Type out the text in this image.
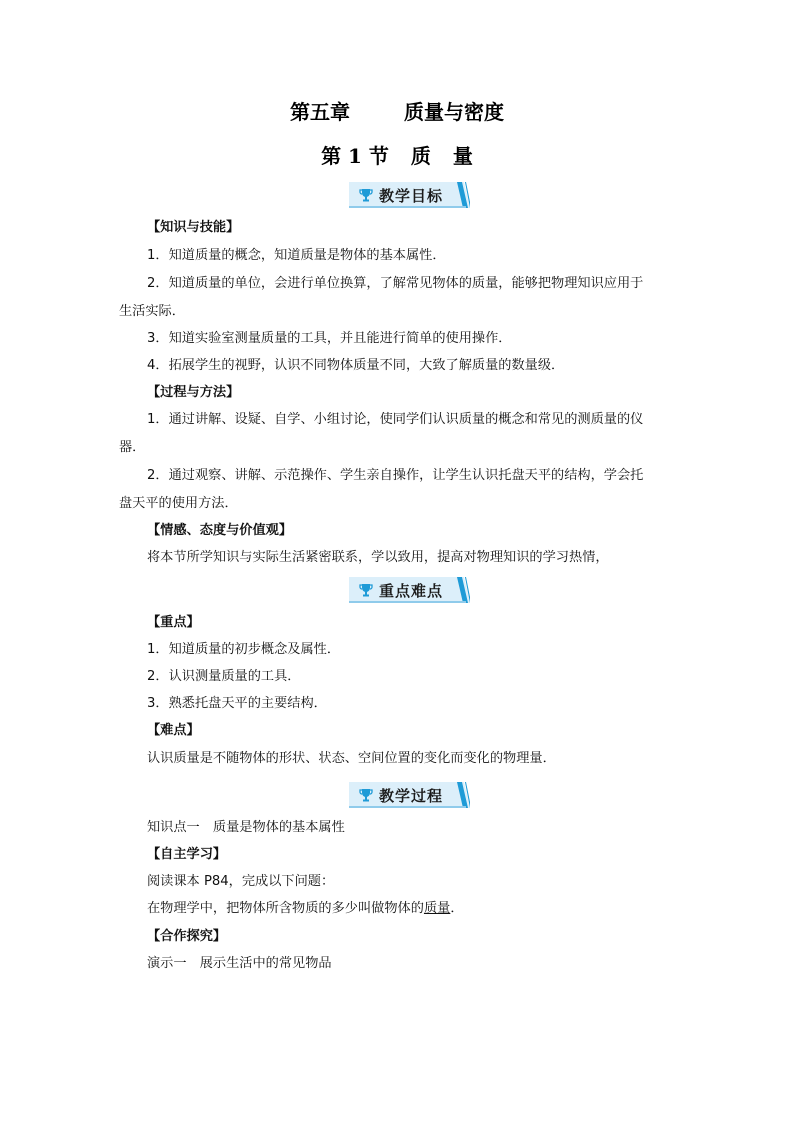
第五章	质量与密度
第 1 节 质 量
教学目标
【知识与技能】
1．知道质量的概念，知道质量是物体的基本属性．
2．知道质量的单位，会进行单位换算，了解常见物体的质量，能够把物理知识应用于
生活实际．
3．知道实验室测量质量的工具，并且能进行简单的使用操作．
4．拓展学生的视野，认识不同物体质量不同，大致了解质量的数量级．
【过程与方法】
1．通过讲解、设疑、自学、小组讨论，使同学们认识质量的概念和常见的测质量的仪
器．
2．通过观察、讲解、示范操作、学生亲自操作，让学生认识托盘天平的结构，学会托
盘天平的使用方法．
【情感、态度与价值观】
将本节所学知识与实际生活紧密联系，学以致用，提高对物理知识的学习热情，
重点难点
【重点】
1．知道质量的初步概念及属性．
2．认识测量质量的工具．
3．熟悉托盘天平的主要结构．
【难点】
认识质量是不随物体的形状、状态、空间位置的变化而变化的物理量．
教学过程
知识点一　质量是物体的基本属性
【自主学习】
阅读课本 P84，完成以下问题：
在物理学中，把物体所含物质的多少叫做物体的质量．
【合作探究】
演示一　展示生活中的常见物品
